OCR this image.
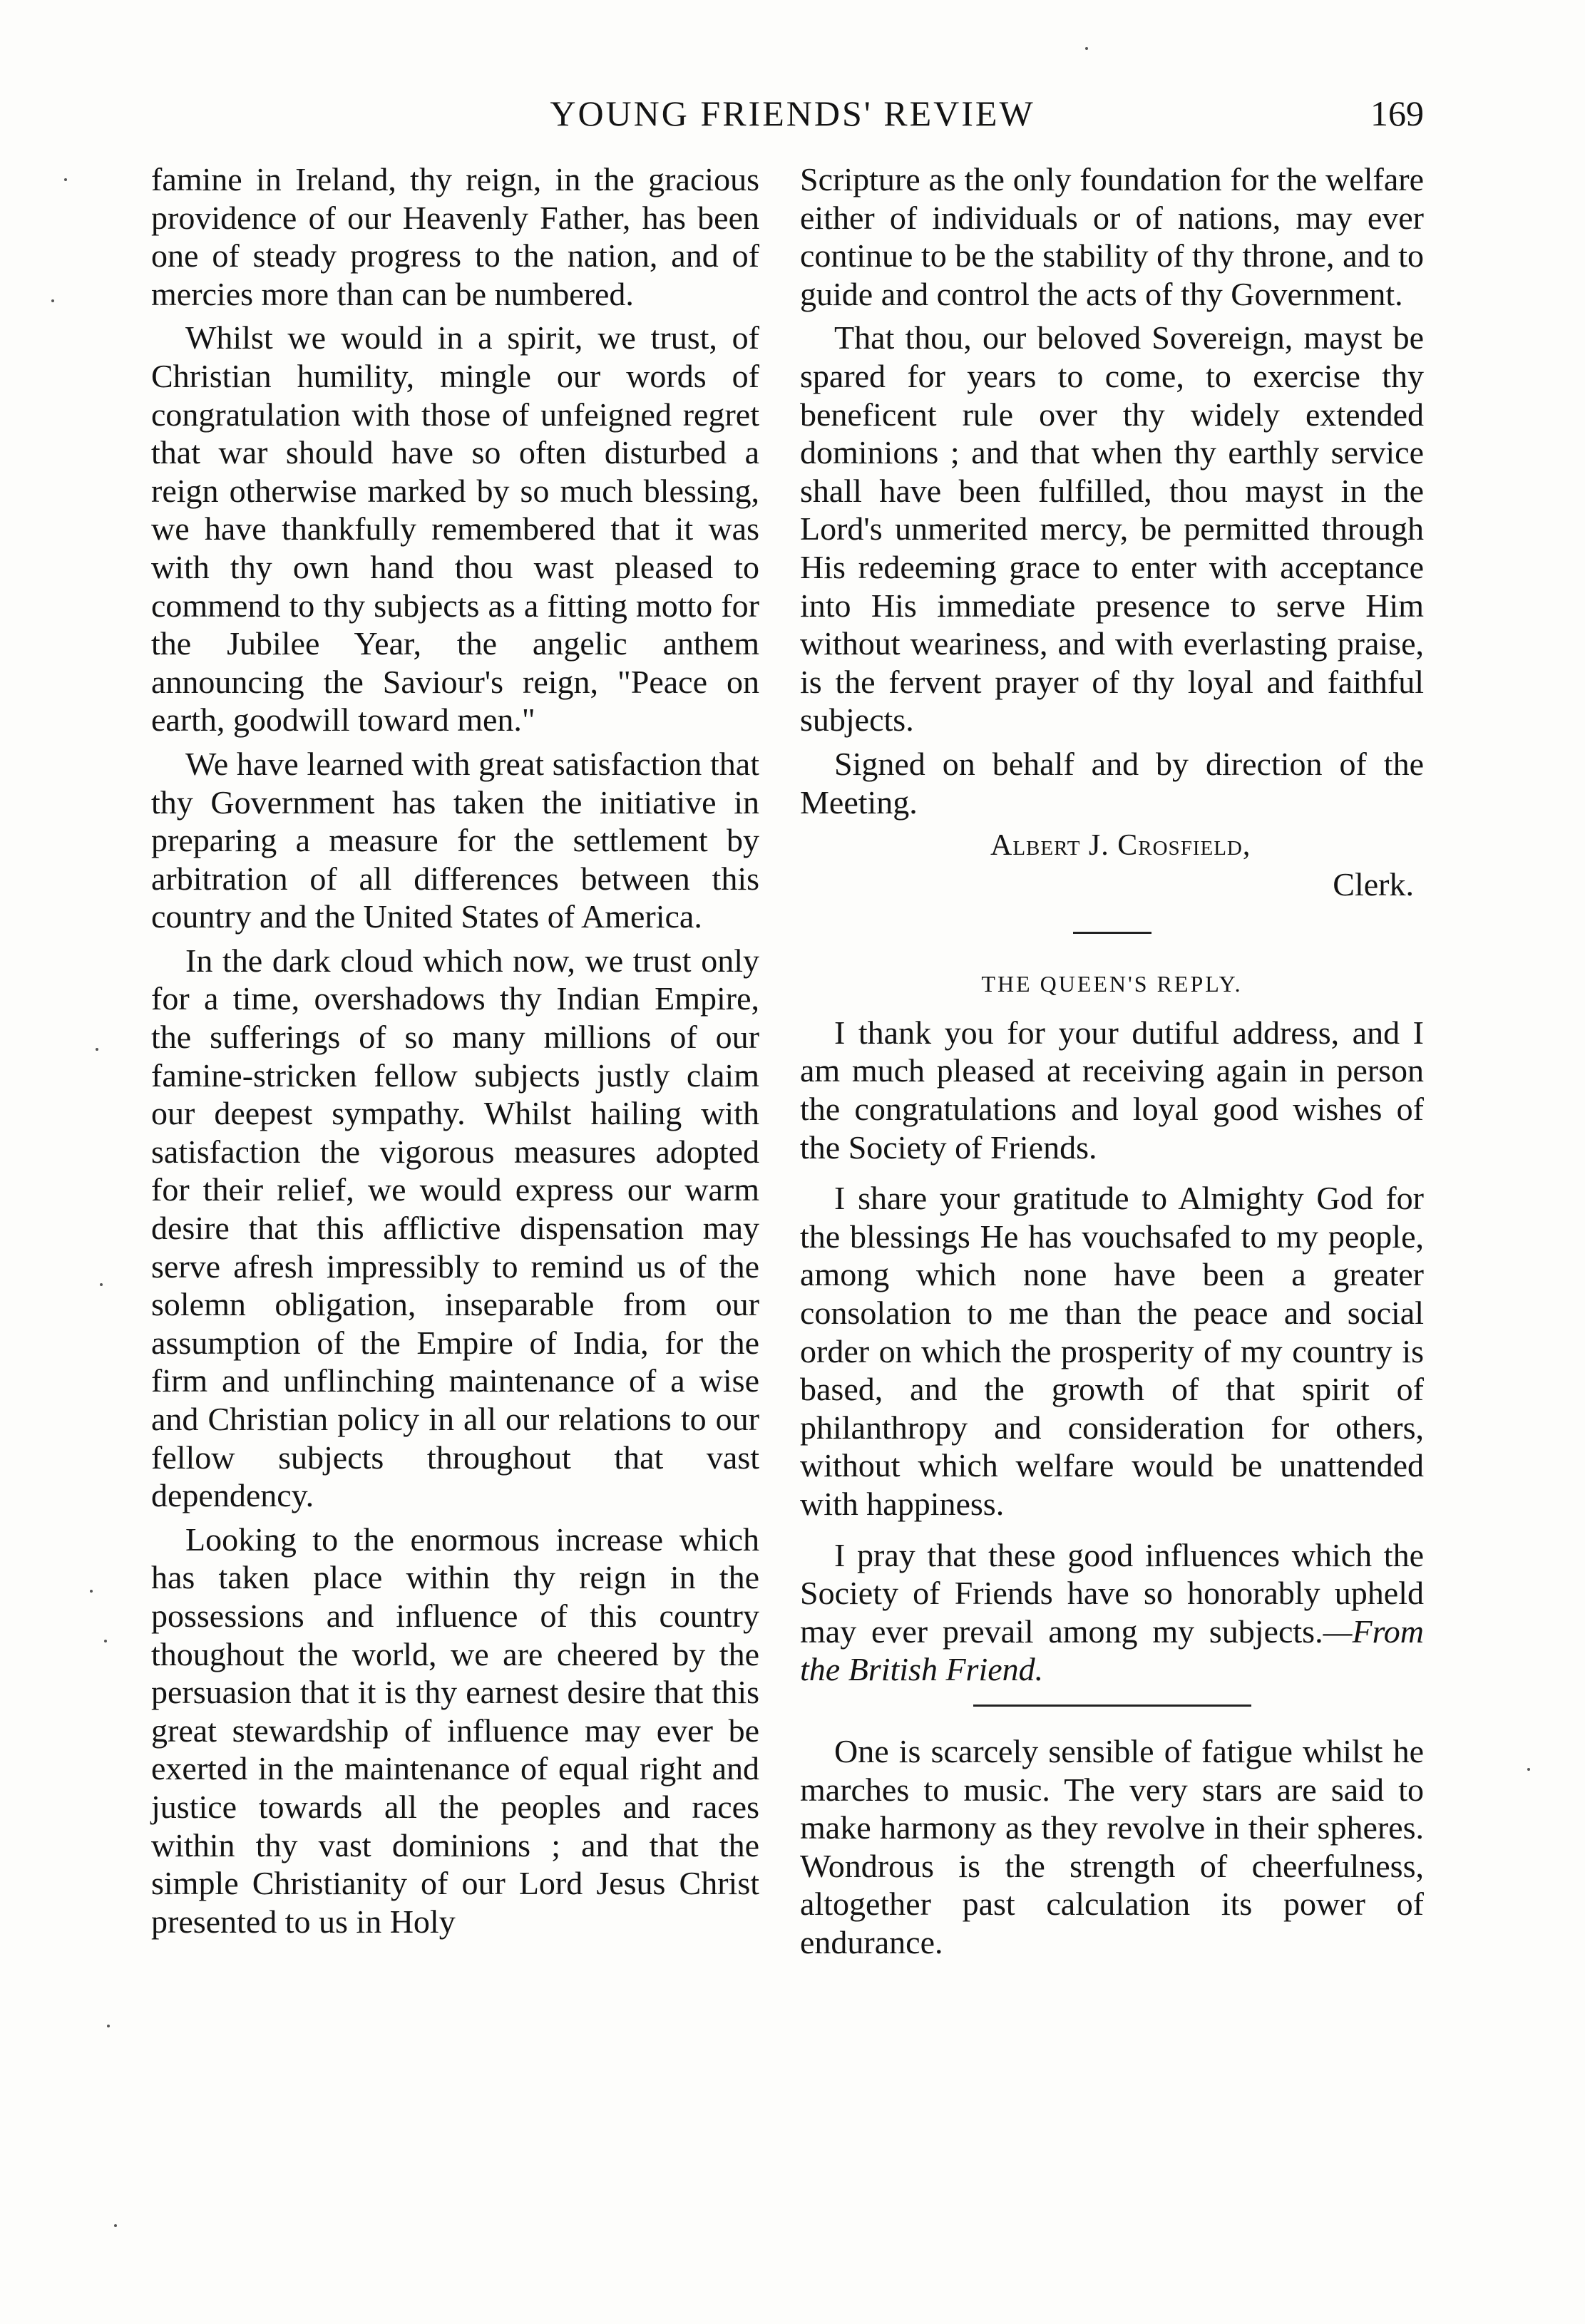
YOUNG FRIENDS' REVIEW	169

famine in Ireland, thy reign, in the gracious providence of our Heavenly Father, has been one of steady progress to the nation, and of mercies more than can be numbered.

Whilst we would in a spirit, we trust, of Christian humility, mingle our words of congratulation with those of unfeigned regret that war should have so often disturbed a reign otherwise marked by so much blessing, we have thankfully remembered that it was with thy own hand thou wast pleased to commend to thy subjects as a fitting motto for the Jubilee Year, the angelic anthem announcing the Saviour's reign, "Peace on earth, goodwill toward men."

We have learned with great satisfaction that thy Government has taken the initiative in preparing a measure for the settlement by arbitration of all differences between this country and the United States of America.

In the dark cloud which now, we trust only for a time, overshadows thy Indian Empire, the sufferings of so many millions of our famine-stricken fellow subjects justly claim our deepest sympathy. Whilst hailing with satisfaction the vigorous measures adopted for their relief, we would express our warm desire that this afflictive dispensation may serve afresh impressibly to remind us of the solemn obligation, inseparable from our assumption of the Empire of India, for the firm and unflinching maintenance of a wise and Christian policy in all our relations to our fellow subjects throughout that vast dependency.

Looking to the enormous increase which has taken place within thy reign in the possessions and influence of this country thoughout the world, we are cheered by the persuasion that it is thy earnest desire that this great stewardship of influence may ever be exerted in the maintenance of equal right and justice towards all the peoples and races within thy vast dominions ; and that the simple Christianity of our Lord Jesus Christ presented to us in Holy

Scripture as the only foundation for the welfare either of individuals or of nations, may ever continue to be the stability of thy throne, and to guide and control the acts of thy Government.

That thou, our beloved Sovereign, mayst be spared for years to come, to exercise thy beneficent rule over thy widely extended dominions ; and that when thy earthly service shall have been fulfilled, thou mayst in the Lord's unmerited mercy, be permitted through His redeeming grace to enter with acceptance into His immediate presence to serve Him without weariness, and with everlasting praise, is the fervent prayer of thy loyal and faithful subjects.

Signed on behalf and by direction of the Meeting.

Albert J. Crosfield,

Clerk.

THE QUEEN'S REPLY.

I thank you for your dutiful address, and I am much pleased at receiving again in person the congratulations and loyal good wishes of the Society of Friends.

I share your gratitude to Almighty God for the blessings He has vouchsafed to my people, among which none have been a greater consolation to me than the peace and social order on which the prosperity of my country is based, and the growth of that spirit of philanthropy and consideration for others, without which welfare would be unattended with happiness.

I pray that these good influences which the Society of Friends have so honorably upheld may ever prevail among my subjects.—From the British Friend.

One is scarcely sensible of fatigue whilst he marches to music. The very stars are said to make harmony as they revolve in their spheres. Wondrous is the strength of cheerfulness, altogether past calculation its power of endurance.
